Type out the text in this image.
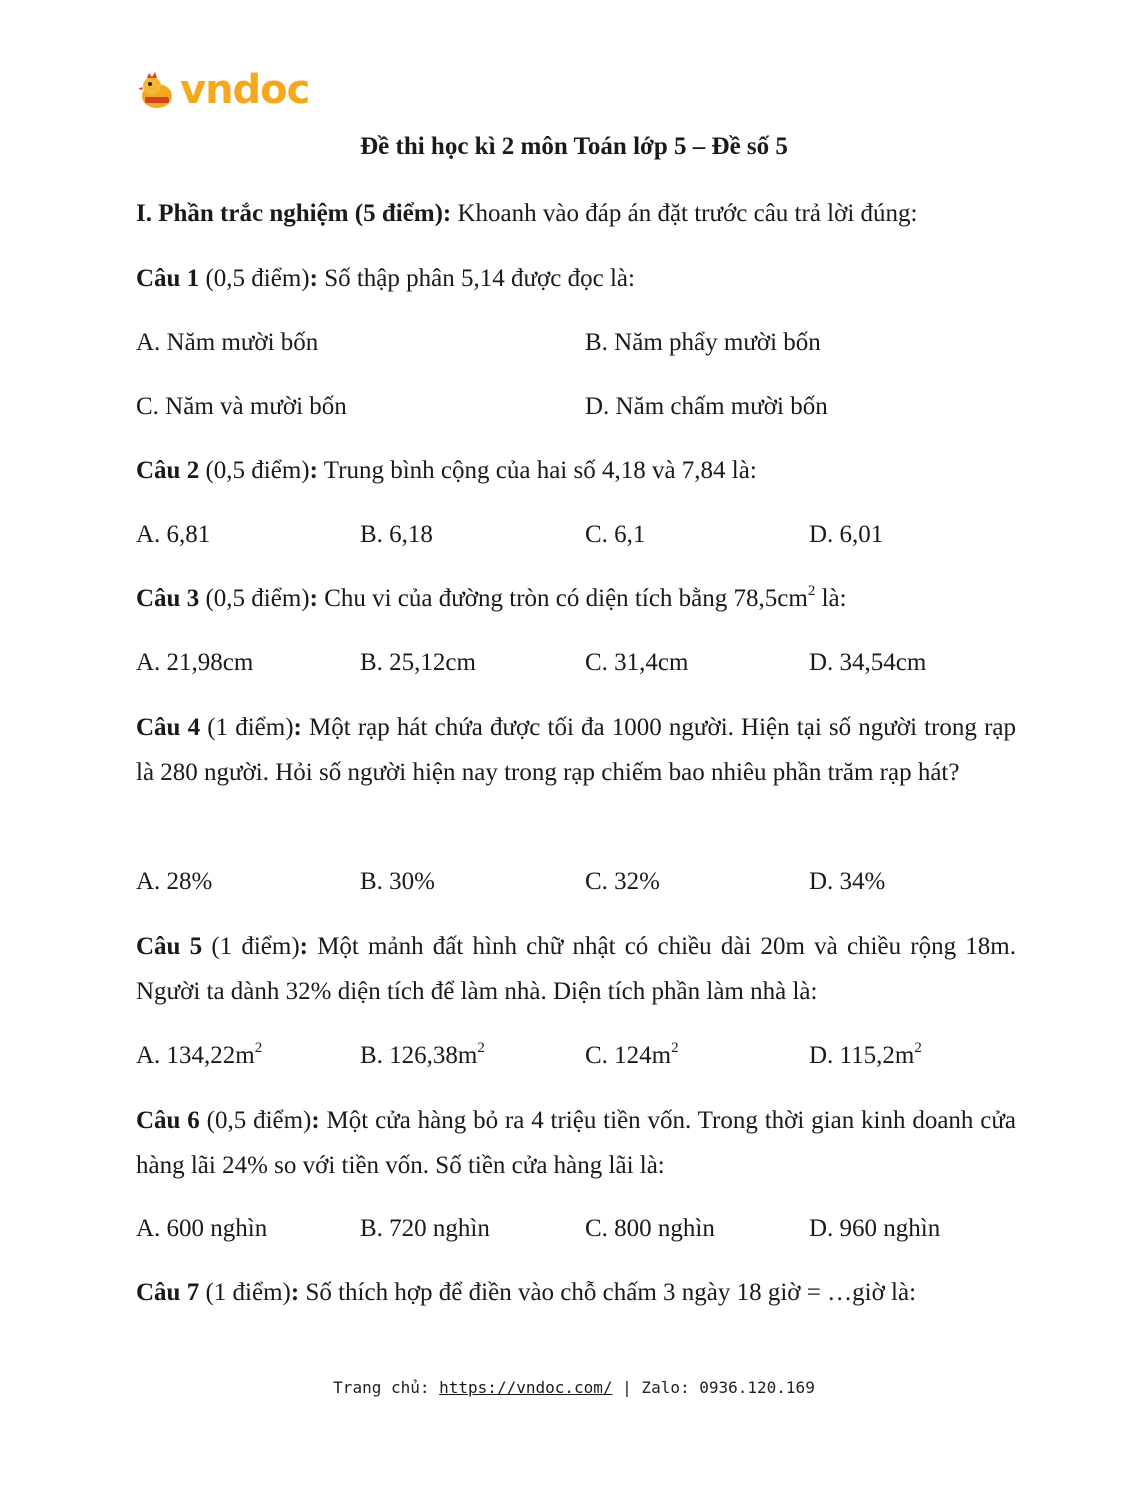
vndoc
Đề thi học kì 2 môn Toán lớp 5 – Đề số 5
I. Phần trắc nghiệm (5 điểm): Khoanh vào đáp án đặt trước câu trả lời đúng:
Câu 1 (0,5 điểm): Số thập phân 5,14 được đọc là:
A. Năm mười bốn	B. Năm phẩy mười bốn
C. Năm và mười bốn	D. Năm chấm mười bốn
Câu 2 (0,5 điểm): Trung bình cộng của hai số 4,18 và 7,84 là:
A. 6,81	B. 6,18	C. 6,1	D. 6,01
Câu 3 (0,5 điểm): Chu vi của đường tròn có diện tích bằng $78,5cm^2$ là:
A. 21,98cm	B. 25,12cm	C. 31,4cm	D. 34,54cm
Câu 4 (1 điểm): Một rạp hát chứa được tối đa 1000 người. Hiện tại số người trong rạp là 280 người. Hỏi số người hiện nay trong rạp chiếm bao nhiêu phần trăm rạp hát?
A. 28%	B. 30%	C. 32%	D. 34%
Câu 5 (1 điểm): Một mảnh đất hình chữ nhật có chiều dài 20m và chiều rộng 18m. Người ta dành 32% diện tích để làm nhà. Diện tích phần làm nhà là:
A. $134,22m^2$	B. $126,38m^2$	C. $124m^2$	D. $115,2m^2$
Câu 6 (0,5 điểm): Một cửa hàng bỏ ra 4 triệu tiền vốn. Trong thời gian kinh doanh cửa hàng lãi 24% so với tiền vốn. Số tiền cửa hàng lãi là:
A. 600 nghìn	B. 720 nghìn	C. 800 nghìn	D. 960 nghìn
Câu 7 (1 điểm): Số thích hợp để điền vào chỗ chấm 3 ngày 18 giờ = …giờ là:
Trang chủ: https://vndoc.com/ | Zalo: 0936.120.169
